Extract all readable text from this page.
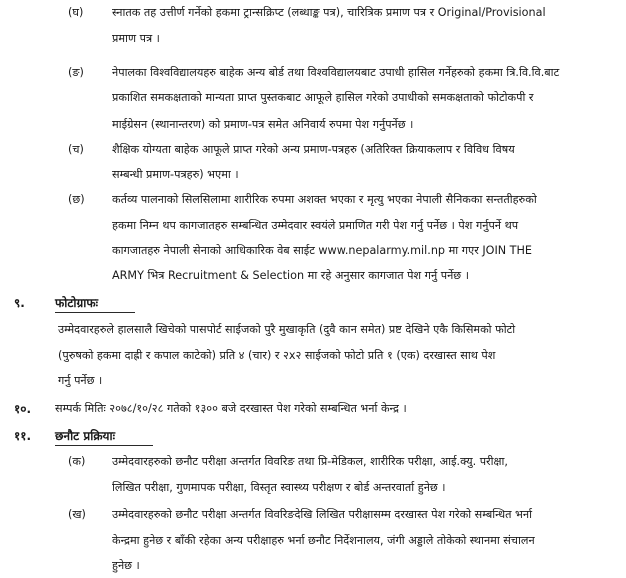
(घ)	स्नातक तह उत्तीर्ण गर्नेको हकमा ट्रान्सक्रिप्ट (लब्धाङ्क पत्र), चारित्रिक प्रमाण पत्र र Original/Provisional
प्रमाण पत्र ।
(ङ)	नेपालका विश्वविद्यालयहरु बाहेक अन्य बोर्ड तथा विश्वविद्यालयबाट उपाधी हासिल गर्नेहरुको हकमा त्रि.वि.वि.बाट
प्रकाशित समकक्षताको मान्यता प्राप्त पुस्तकबाट आफूले हासिल गरेको उपाधीको समकक्षताको फोटोकपी र
माईग्रेसन (स्थानान्तरण) को प्रमाण-पत्र समेत अनिवार्य रुपमा पेश गर्नुपर्नेछ ।
(च)	शैक्षिक योग्यता बाहेक आफूले प्राप्त गरेको अन्य प्रमाण-पत्रहरु (अतिरिक्त क्रियाकलाप र विविध विषय
सम्बन्धी प्रमाण-पत्रहरु) भएमा ।
(छ) कर्तव्य पालनाको सिलसिलामा शारीरिक रुपमा अशक्त भएका र मृत्यु भएका नेपाली सैनिकका सन्ततीहरुको
हकमा निम्न थप कागजातहरु सम्बन्धित उम्मेदवार स्वयंले प्रमाणित गरी पेश गर्नु पर्नेछ । पेश गर्नुपर्ने थप
कागजातहरु नेपाली सेनाको आधिकारिक वेब साईट www.nepalarmy.mil.np मा गएर JOIN THE
ARMY भित्र Recruitment & Selection मा रहे अनुसार कागजात पेश गर्नु पर्नेछ ।
९.	फोटोग्राफः
उम्मेदवारहरुले हालसालै खिचेको पासपोर्ट साईजको पुरै मुखाकृति (दुवै कान समेत) प्रष्ट देखिने एकै किसिमको फोटो
(पुरुषको हकमा दाह्री र कपाल काटेको) प्रति ४ (चार) र २x२ साईजको फोटो प्रति १ (एक) दरखास्त साथ पेश
गर्नु पर्नेछ ।
१०. सम्पर्क मितिः २०७८/१०/२८ गतेको १३०० बजे दरखास्त पेश गरेको सम्बन्धित भर्ना केन्द्र ।
११. छनौट प्रक्रियाः
(क) उम्मेदवारहरुको छनौट परीक्षा अन्तर्गत विवरिङ तथा प्रि-मेडिकल, शारीरिक परीक्षा, आई.क्यु. परीक्षा,
लिखित परीक्षा, गुणमापक परीक्षा, विस्तृत स्वास्थ्य परीक्षण र बोर्ड अन्तरवार्ता हुनेछ ।
(ख) उम्मेदवारहरुको छनौट परीक्षा अन्तर्गत विवरिङदेखि लिखित परीक्षासम्म दरखास्त पेश गरेको सम्बन्धित भर्ना
केन्द्रमा हुनेछ र बाँकी रहेका अन्य परीक्षाहरु भर्ना छनौट निर्देशनालय, जंगी अड्डाले तोकेको स्थानमा संचालन
हुनेछ ।
